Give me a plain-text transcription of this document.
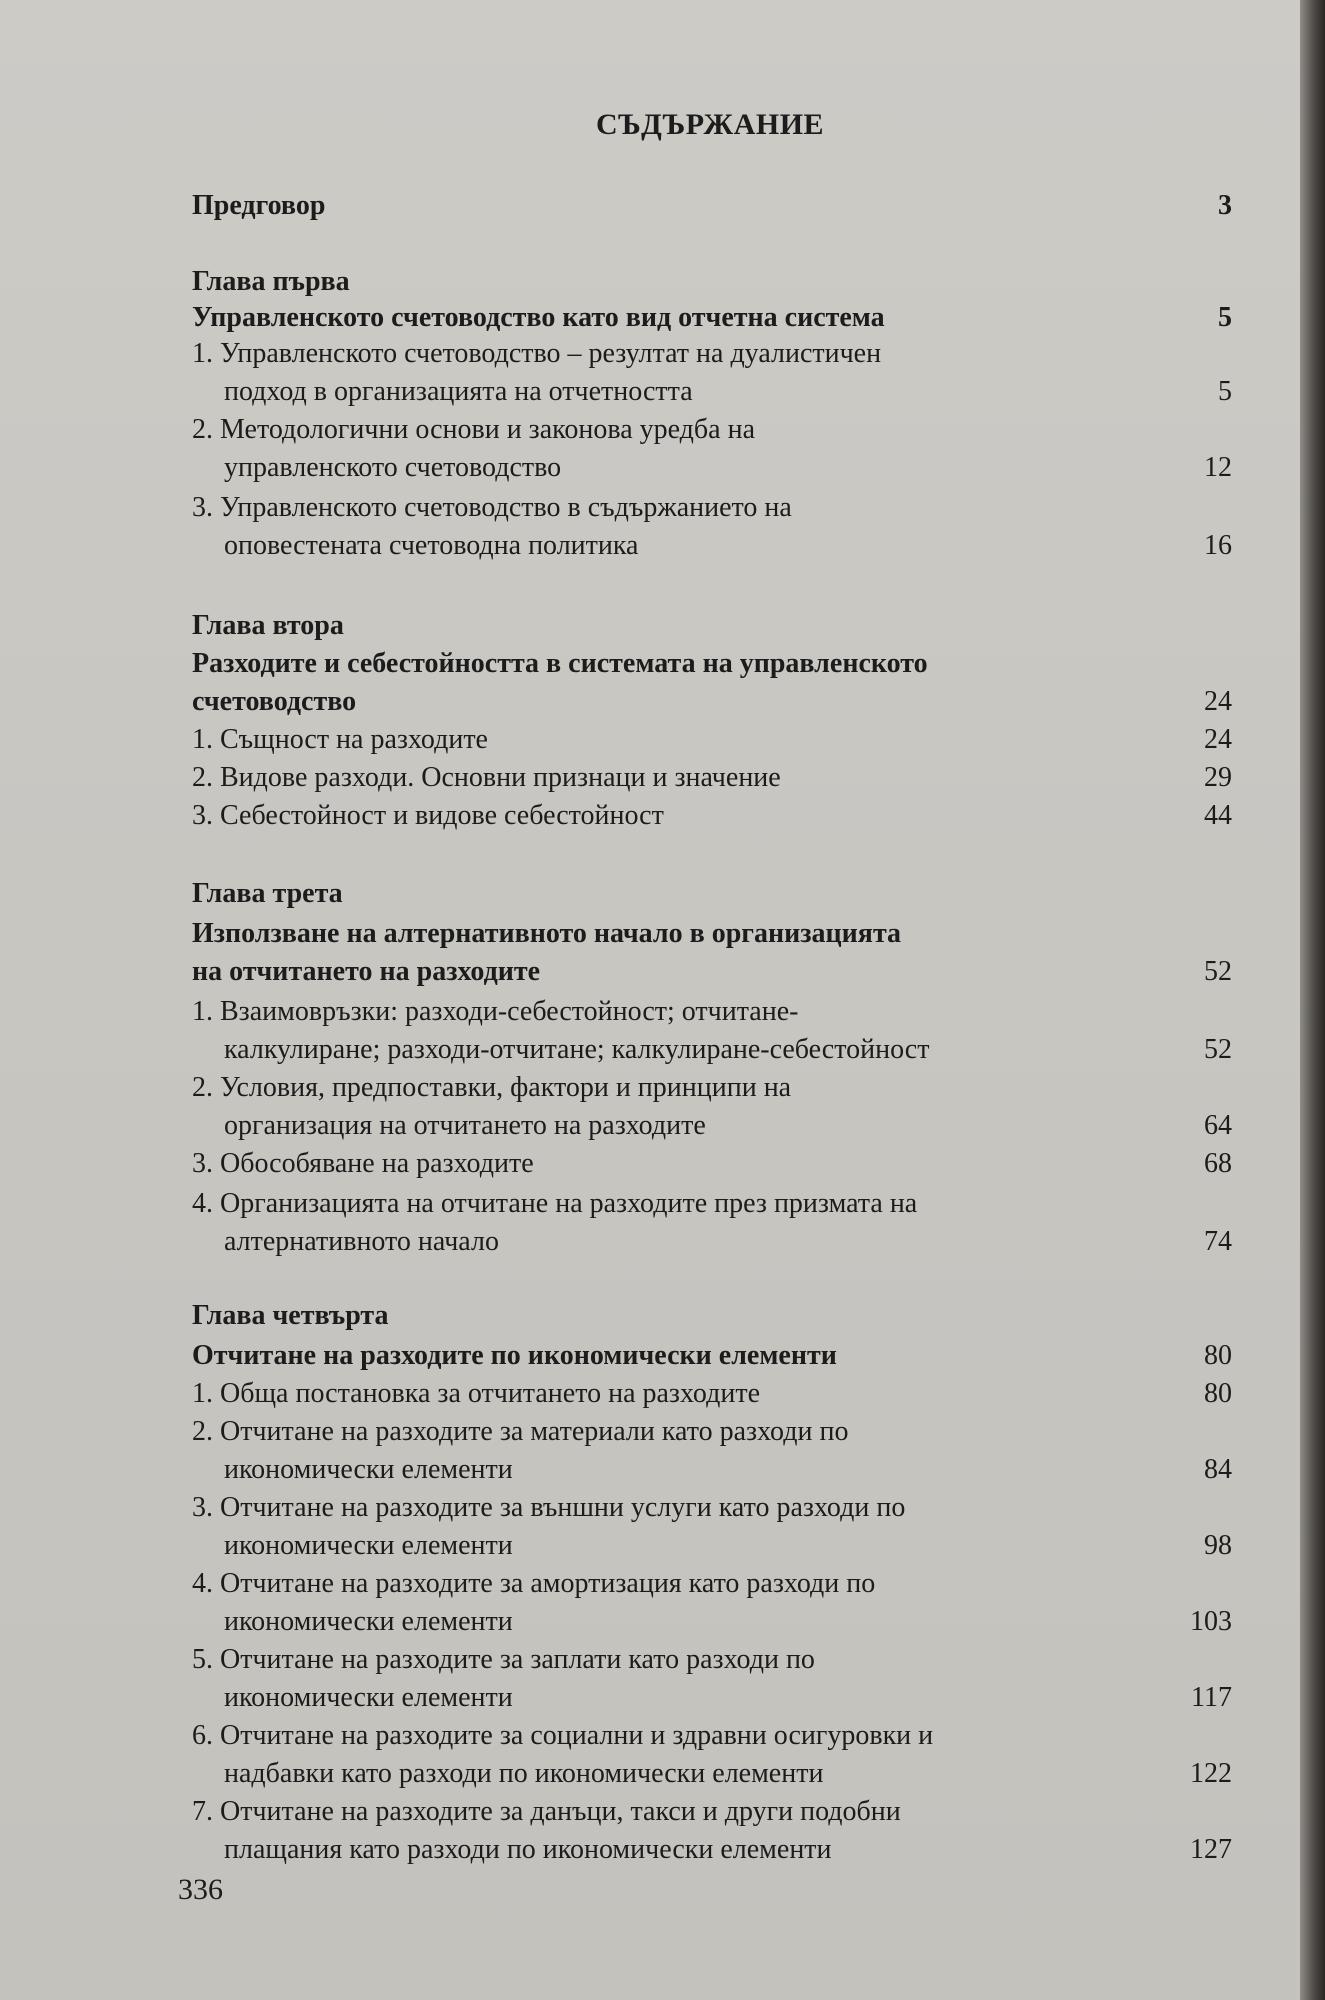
СЪДЪРЖАНИЕ
Предговор	3
Глава първа
Управленското счетоводство като вид отчетна система	5
1. Управленското счетоводство – резултат на дуалистичен
подход в организацията на отчетността	5
2. Методологични основи и законова уредба на
управленското счетоводство	12
3. Управленското счетоводство в съдържанието на
оповестената счетоводна политика	16
Глава втора
Разходите и себестойността в системата на управленското
счетоводство	24
1. Същност на разходите	24
2. Видове разходи. Основни признаци и значение	29
3. Себестойност и видове себестойност	44
Глава трета
Използване на алтернативното начало в организацията
на отчитането на разходите	52
1. Взаимовръзки: разходи-себестойност; отчитане-
калкулиране; разходи-отчитане; калкулиране-себестойност	52
2. Условия, предпоставки, фактори и принципи на
организация на отчитането на разходите	64
3. Обособяване на разходите	68
4. Организацията на отчитане на разходите през призмата на
алтернативното начало	74
Глава четвърта
Отчитане на разходите по икономически елементи	80
1. Обща постановка за отчитането на разходите	80
2. Отчитане на разходите за материали като разходи по
икономически елементи	84
3. Отчитане на разходите за външни услуги като разходи по
икономически елементи	98
4. Отчитане на разходите за амортизация като разходи по
икономически елементи	103
5. Отчитане на разходите за заплати като разходи по
икономически елементи	117
6. Отчитане на разходите за социални и здравни осигуровки и
надбавки като разходи по икономически елементи	122
7. Отчитане на разходите за данъци, такси и други подобни
плащания като разходи по икономически елементи	127
336
